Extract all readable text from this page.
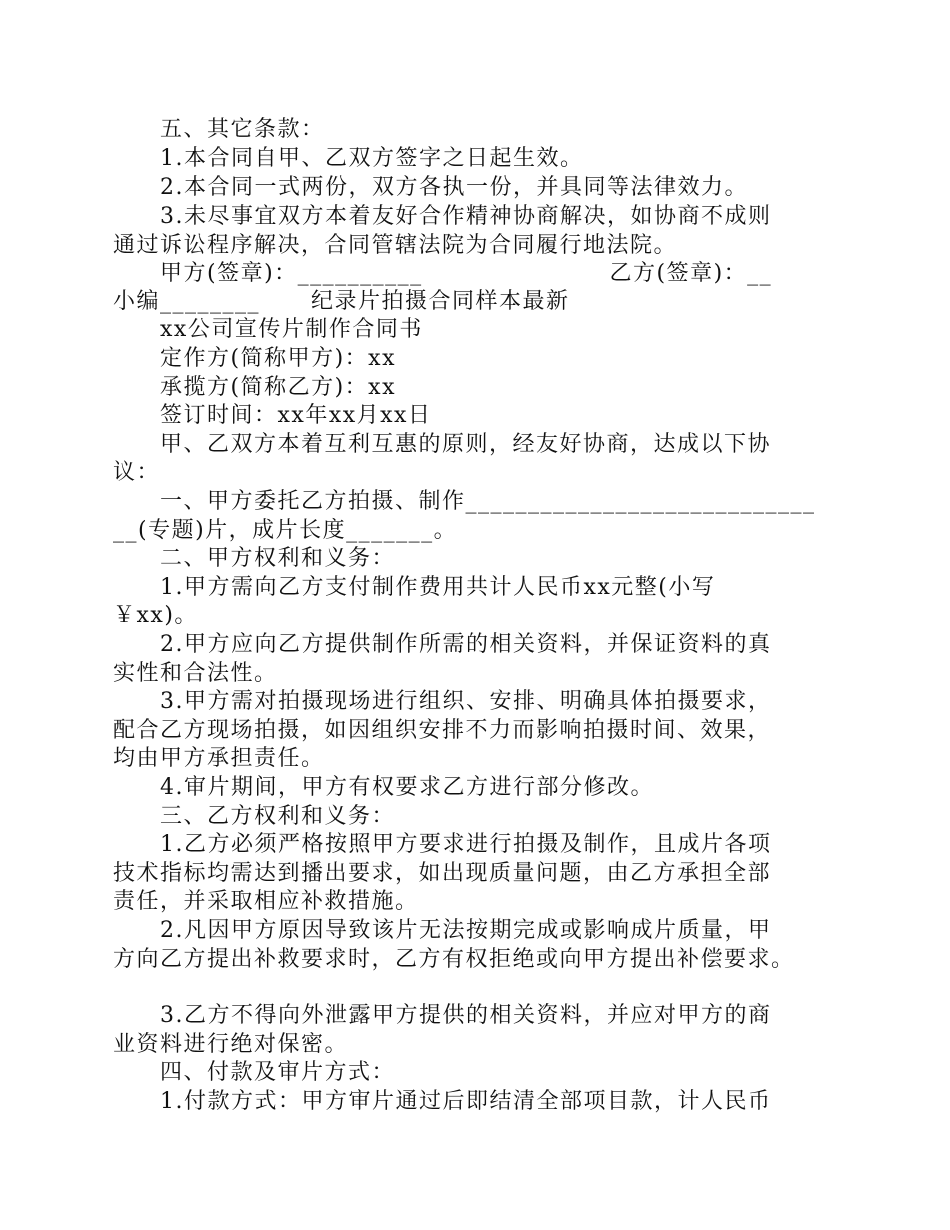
五、其它条款：
1.本合同自甲、乙双方签字之日起生效。
2.本合同一式两份，双方各执一份，并具同等法律效力。
3.未尽事宜双方本着友好合作精神协商解决，如协商不成则
通过诉讼程序解决，合同管辖法院为合同履行地法院。
甲方(签章)：__________                      乙方(签章)：__
小编________      纪录片拍摄合同样本最新
xx公司宣传片制作合同书
定作方(简称甲方)：xx
承揽方(简称乙方)：xx
签订时间：xx年xx月xx日
甲、乙双方本着互利互惠的原则，经友好协商，达成以下协
议：
一、甲方委托乙方拍摄、制作____________________________
__(专题)片，成片长度_______。
二、甲方权利和义务：
1.甲方需向乙方支付制作费用共计人民币xx元整(小写
￥xx)。
2.甲方应向乙方提供制作所需的相关资料，并保证资料的真
实性和合法性。
3.甲方需对拍摄现场进行组织、安排、明确具体拍摄要求，
配合乙方现场拍摄，如因组织安排不力而影响拍摄时间、效果，
均由甲方承担责任。
4.审片期间，甲方有权要求乙方进行部分修改。
三、乙方权利和义务：
1.乙方必须严格按照甲方要求进行拍摄及制作，且成片各项
技术指标均需达到播出要求，如出现质量问题，由乙方承担全部
责任，并采取相应补救措施。
2.凡因甲方原因导致该片无法按期完成或影响成片质量，甲
方向乙方提出补救要求时，乙方有权拒绝或向甲方提出补偿要求。
3.乙方不得向外泄露甲方提供的相关资料，并应对甲方的商
业资料进行绝对保密。
四、付款及审片方式：
1.付款方式：甲方审片通过后即结清全部项目款，计人民币
